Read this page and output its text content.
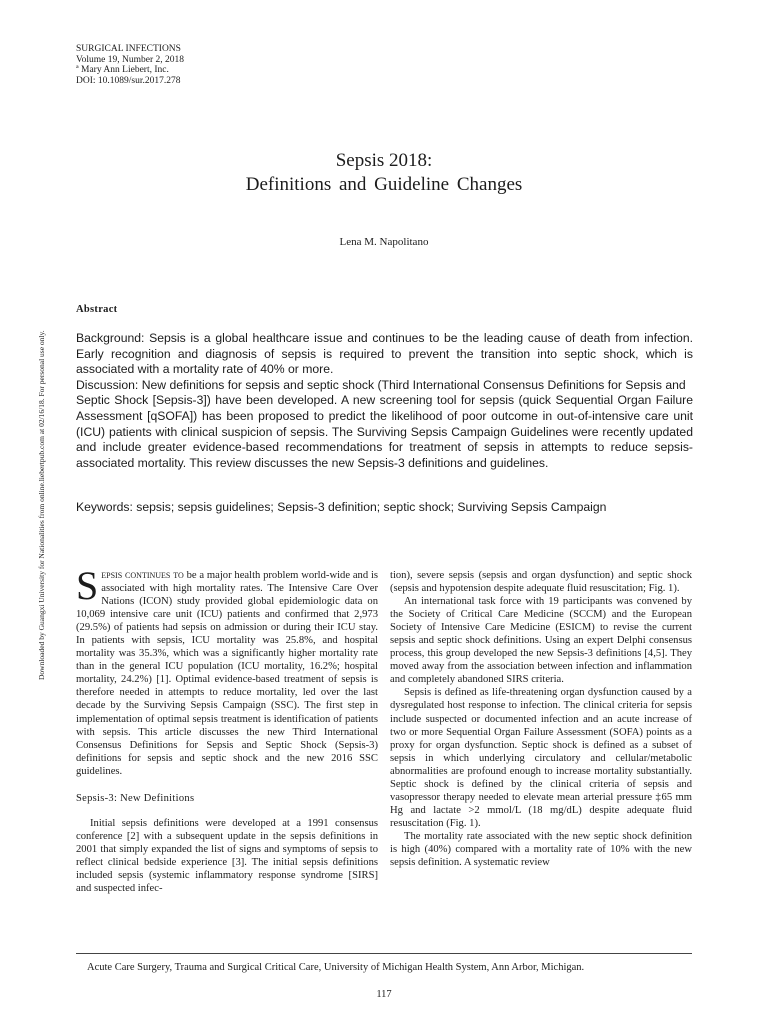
SURGICAL INFECTIONS
Volume 19, Number 2, 2018
ª Mary Ann Liebert, Inc.
DOI: 10.1089/sur.2017.278
Downloaded by Guangxi University for Nationalities from online.liebertpub.com at 02/16/18. For personal use only.
Sepsis 2018:
Definitions and Guideline Changes
Lena M. Napolitano
Abstract

Background: Sepsis is a global healthcare issue and continues to be the leading cause of death from infection. Early recognition and diagnosis of sepsis is required to prevent the transition into septic shock, which is associated with a mortality rate of 40% or more.

Discussion: New definitions for sepsis and septic shock (Third International Consensus Definitions for Sepsis and

Septic Shock [Sepsis-3]) have been developed. A new screening tool for sepsis (quick Sequential Organ Failure Assessment [qSOFA]) has been proposed to predict the likelihood of poor outcome in out-of-intensive care unit (ICU) patients with clinical suspicion of sepsis. The Surviving Sepsis Campaign Guidelines were recently updated and include greater evidence-based recommendations for treatment of sepsis in attempts to reduce sepsis- associated mortality. This review discusses the new Sepsis-3 definitions and guidelines.

Keywords: sepsis; sepsis guidelines; Sepsis-3 definition; septic shock; Surviving Sepsis Campaign

Sepsis continues to be a major health problem world-wide and is associated with high mortality rates. The Intensive Care Over Nations (ICON) study provided global epidemiologic data on 10,069 intensive care unit (ICU) patients and confirmed that 2,973 (29.5%) of patients had sepsis on admission or during their ICU stay. In patients with sepsis, ICU mortality was 25.8%, and hospital mortality was 35.3%, which was a significantly higher mortality rate than in the general ICU population (ICU mortality, 16.2%; hospital mortality, 24.2%) [1]. Optimal evidence-based treatment of sepsis is therefore needed in attempts to reduce mortality, led over the last decade by the Surviving Sepsis Campaign (SSC). The first step in implementation of optimal sepsis treatment is identification of patients with sepsis. This article discusses the new Third International Consensus Definitions for Sepsis and Septic Shock (Sepsis-3) definitions for sepsis and septic shock and the new 2016 SSC guidelines.

Sepsis-3: New Definitions

Initial sepsis definitions were developed at a 1991 consensus conference [2] with a subsequent update in the sepsis definitions in 2001 that simply expanded the list of signs and symptoms of sepsis to reflect clinical bedside experience [3]. The initial sepsis definitions included sepsis (systemic inflammatory response syndrome [SIRS] and suspected infec-

tion), severe sepsis (sepsis and organ dysfunction) and septic shock (sepsis and hypotension despite adequate fluid resuscitation; Fig. 1).

An international task force with 19 participants was convened by the Society of Critical Care Medicine (SCCM) and the European Society of Intensive Care Medicine (ESICM) to revise the current sepsis and septic shock definitions. Using an expert Delphi consensus process, this group developed the new Sepsis-3 definitions [4,5]. They moved away from the association between infection and inflammation and completely abandoned SIRS criteria.

Sepsis is defined as life-threatening organ dysfunction caused by a dysregulated host response to infection. The clinical criteria for sepsis include suspected or documented infection and an acute increase of two or more Sequential Organ Failure Assessment (SOFA) points as a proxy for organ dysfunction. Septic shock is defined as a subset of sepsis in which underlying circulatory and cellular/metabolic abnormalities are profound enough to increase mortality substantially. Septic shock is defined by the clinical criteria of sepsis and vasopressor therapy needed to elevate mean arterial pressure ‡65 mm Hg and lactate >2 mmol/L (18 mg/dL) despite adequate fluid resuscitation (Fig. 1).

The mortality rate associated with the new septic shock definition is high (40%) compared with a mortality rate of 10% with the new sepsis definition. A systematic review

Acute Care Surgery, Trauma and Surgical Critical Care, University of Michigan Health System, Ann Arbor, Michigan.
117
